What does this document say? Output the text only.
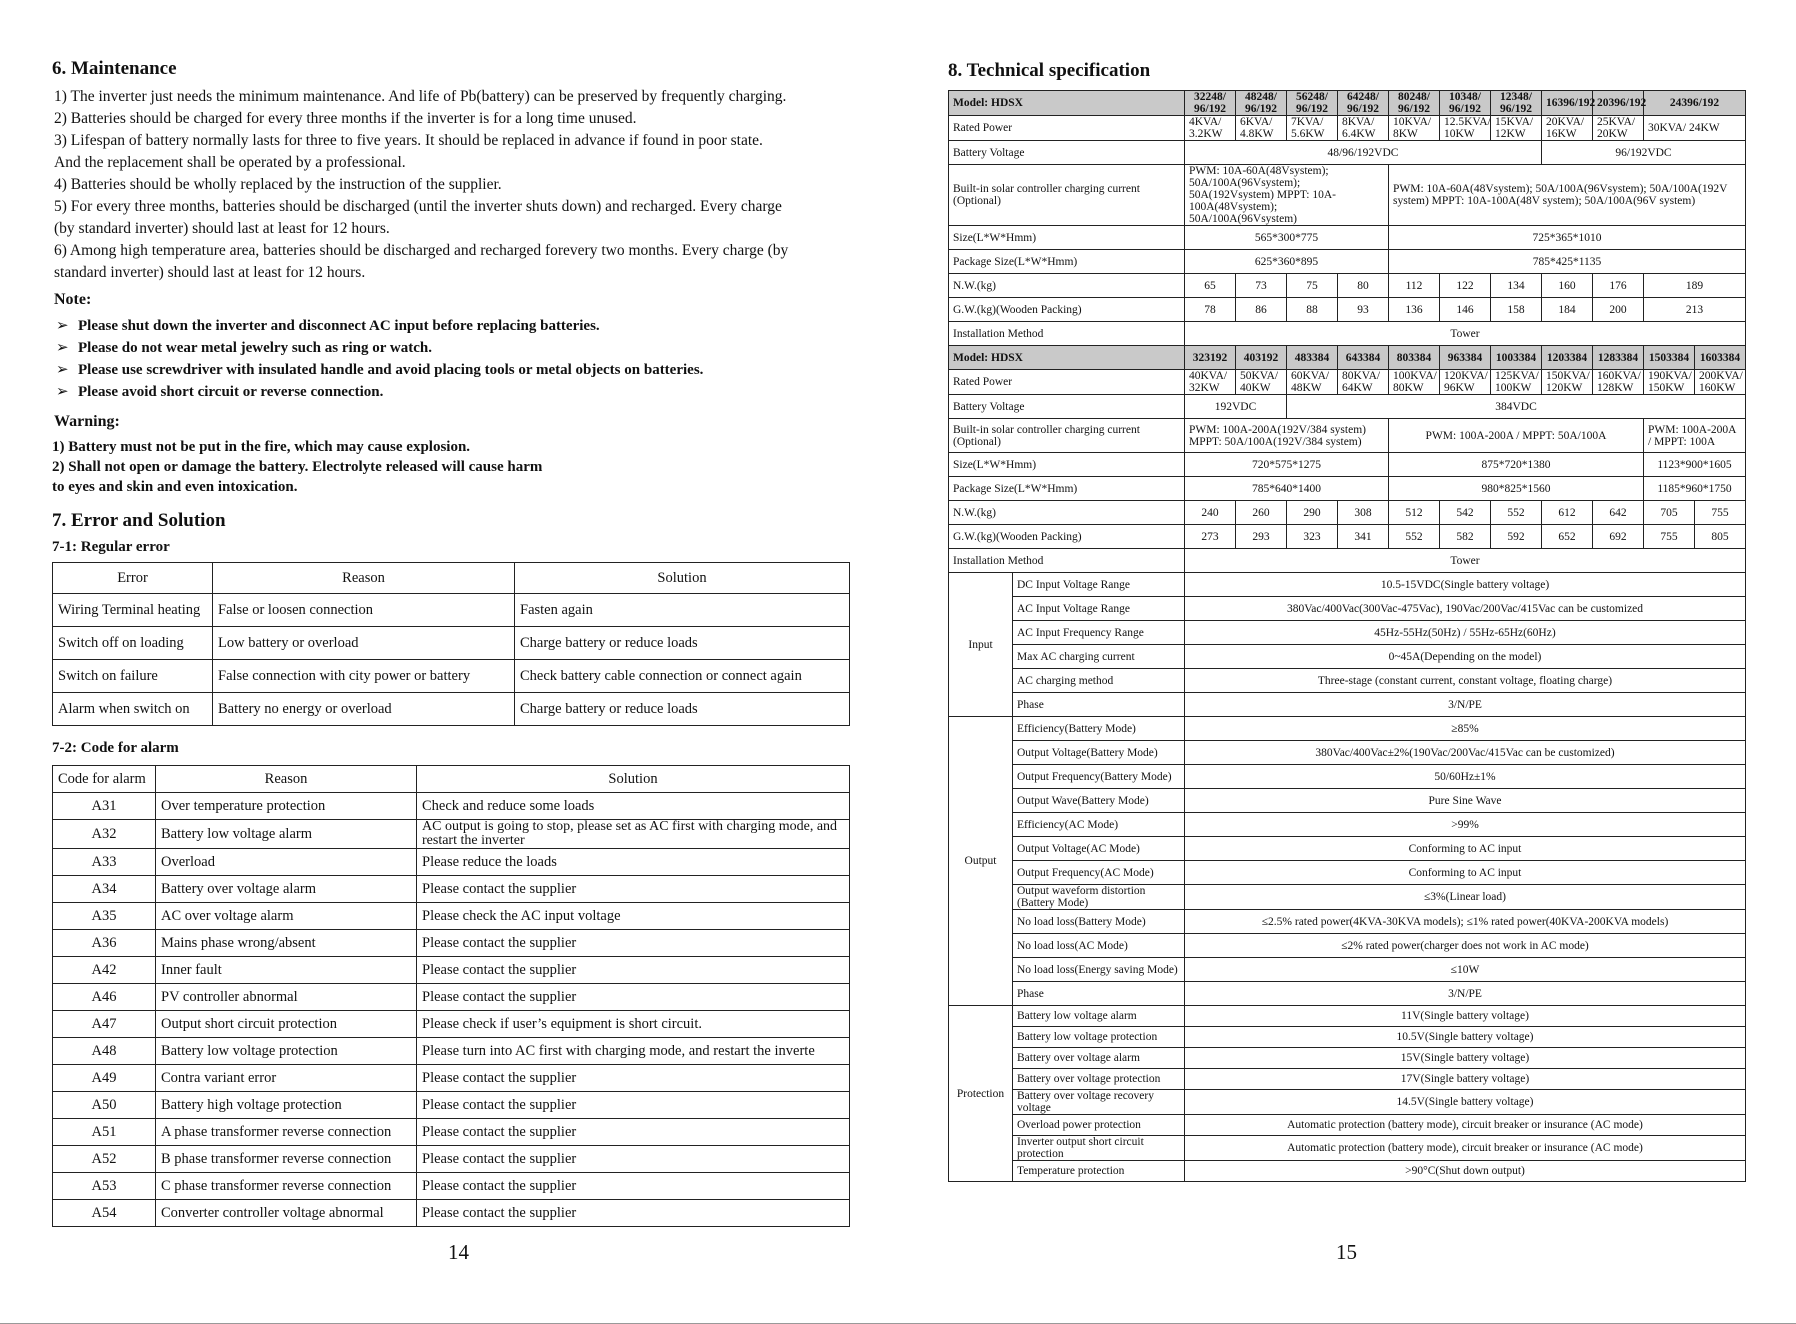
6. Maintenance

1) The inverter just needs the minimum maintenance. And life of Pb(battery) can be preserved by frequently charging.

2) Batteries should be charged for every three months if the inverter is for a long time unused.

3) Lifespan of battery normally lasts for three to five years. It should be replaced in advance if found in poor state.

And the replacement shall be operated by a professional.

4) Batteries should be wholly replaced by the instruction of the supplier.

5) For every three months, batteries should be discharged (until the inverter shuts down) and recharged. Every charge

(by standard inverter) should last at least for 12 hours.

6) Among high temperature area, batteries should be discharged and recharged forevery two months. Every charge (by

standard inverter) should last at least for 12 hours.

Note:
➢ Please shut down the inverter and disconnect AC input before replacing batteries.
➢ Please do not wear metal jewelry such as ring or watch.
➢ Please use screwdriver with insulated handle and avoid placing tools or metal objects on batteries.
➢ Please avoid short circuit or reverse connection.
Warning:

1) Battery must not be put in the fire, which may cause explosion.

2) Shall not open or damage the battery. Electrolyte released will cause harm

to eyes and skin and even intoxication.

7. Error and Solution
7-1: Regular error
Error	Reason	Solution
Wiring Terminal heating	False or loosen connection	Fasten again
Switch off on loading	Low battery or overload	Charge battery or reduce loads
Switch on failure	False connection with city power or battery	Check battery cable connection or connect again
Alarm when switch on	Battery no energy or overload	Charge battery or reduce loads
7-2: Code for alarm
Code for alarm	Reason	Solution
A31	Over temperature protection	Check and reduce some loads
A32	Battery low voltage alarm	AC output is going to stop, please set as AC first with charging mode, and restart the inverter
A33	Overload	Please reduce the loads
A34	Battery over voltage alarm	Please contact the supplier
A35	AC over voltage alarm	Please check the AC input voltage
A36	Mains phase wrong/absent	Please contact the supplier
A42	Inner fault	Please contact the supplier
A46	PV controller abnormal	Please contact the supplier
A47	Output short circuit protection	Please check if user’s equipment is short circuit.
A48	Battery low voltage protection	Please turn into AC first with charging mode, and restart the inverte
A49	Contra variant error	Please contact the supplier
A50	Battery high voltage protection	Please contact the supplier
A51	A phase transformer reverse connection	Please contact the supplier
A52	B phase transformer reverse connection	Please contact the supplier
A53	C phase transformer reverse connection	Please contact the supplier
A54	Converter controller voltage abnormal	Please contact the supplier
14
8. Technical specification
Model: HDSX		32248/ 96/192	48248/ 96/192	56248/ 96/192	64248/ 96/192	80248/ 96/192	10348/ 96/192	12348/ 96/192	16396/192	20396/192	24396/192	
Rated Power		4KVA/ 3.2KW	6KVA/ 4.8KW	7KVA/ 5.6KW	8KVA/ 6.4KW	10KVA/ 8KW	12.5KVA/ 10KW	15KVA/ 12KW	20KVA/ 16KW	25KVA/ 20KW	30KVA/ 24KW	
Battery Voltage		48/96/192VDC							96/192VDC			
Built-in solar controller charging current (Optional)		PWM: 10A-60A(48Vsystem); 50A/100A(96Vsystem); 50A(192Vsystem) MPPT: 10A-100A(48Vsystem); 50A/100A(96Vsystem)				PWM: 10A-60A(48Vsystem); 50A/100A(96Vsystem); 50A/100A(192V system) MPPT: 10A-100A(48V system); 50A/100A(96V system)						
Size(L*W*Hmm)		565*300*775				725*365*1010						
Package Size(L*W*Hmm)		625*360*895				785*425*1135						
N.W.(kg)		65	73	75	80	112	122	134	160	176	189	
G.W.(kg)(Wooden Packing)		78	86	88	93	136	146	158	184	200	213	
Installation Method		Tower										
Model: HDSX		323192	403192	483384	643384	803384	963384	1003384	1203384	1283384	1503384	1603384
Rated Power		40KVA/ 32KW	50KVA/ 40KW	60KVA/ 48KW	80KVA/ 64KW	100KVA/ 80KW	120KVA/ 96KW	125KVA/ 100KW	150KVA/ 120KW	160KVA/ 128KW	190KVA/ 150KW	200KVA/ 160KW
Battery Voltage		192VDC		384VDC								
Built-in solar controller charging current (Optional)		PWM: 100A-200A(192V/384 system) MPPT: 50A/100A(192V/384 system)				PWM: 100A-200A / MPPT: 50A/100A					PWM: 100A-200A / MPPT: 100A	
Size(L*W*Hmm)		720*575*1275				875*720*1380					1123*900*1605	
Package Size(L*W*Hmm)		785*640*1400				980*825*1560					1185*960*1750	
N.W.(kg)		240	260	290	308	512	542	552	612	642	705	755
G.W.(kg)(Wooden Packing)		273	293	323	341	552	582	592	652	692	755	805
Installation Method		Tower										
Input	DC Input Voltage Range	10.5-15VDC(Single battery voltage)										
	AC Input Voltage Range	380Vac/400Vac(300Vac-475Vac), 190Vac/200Vac/415Vac can be customized										
	AC Input Frequency Range	45Hz-55Hz(50Hz) / 55Hz-65Hz(60Hz)										
	Max AC charging current	0~45A(Depending on the model)										
	AC charging method	Three-stage (constant current, constant voltage, floating charge)										
	Phase	3/N/PE										
Output	Efficiency(Battery Mode)	≥85%										
	Output Voltage(Battery Mode)	380Vac/400Vac±2%(190Vac/200Vac/415Vac can be customized)										
	Output Frequency(Battery Mode)	50/60Hz±1%										
	Output Wave(Battery Mode)	Pure Sine Wave										
	Efficiency(AC Mode)	>99%										
	Output Voltage(AC Mode)	Conforming to AC input										
	Output Frequency(AC Mode)	Conforming to AC input										
	Output waveform distortion (Battery Mode)	≤3%(Linear load)										
	No load loss(Battery Mode)	≤2.5% rated power(4KVA-30KVA models); ≤1% rated power(40KVA-200KVA models)										
	No load loss(AC Mode)	≤2% rated power(charger does not work in AC mode)										
	No load loss(Energy saving Mode)	≤10W										
	Phase	3/N/PE										
Protection	Battery low voltage alarm	11V(Single battery voltage)										
	Battery low voltage protection	10.5V(Single battery voltage)										
	Battery over voltage alarm	15V(Single battery voltage)										
	Battery over voltage protection	17V(Single battery voltage)										
	Battery over voltage recovery voltage	14.5V(Single battery voltage)										
	Overload power protection	Automatic protection (battery mode), circuit breaker or insurance (AC mode)										
	Inverter output short circuit protection	Automatic protection (battery mode), circuit breaker or insurance (AC mode)										
	Temperature protection	>90°C(Shut down output)										
15
